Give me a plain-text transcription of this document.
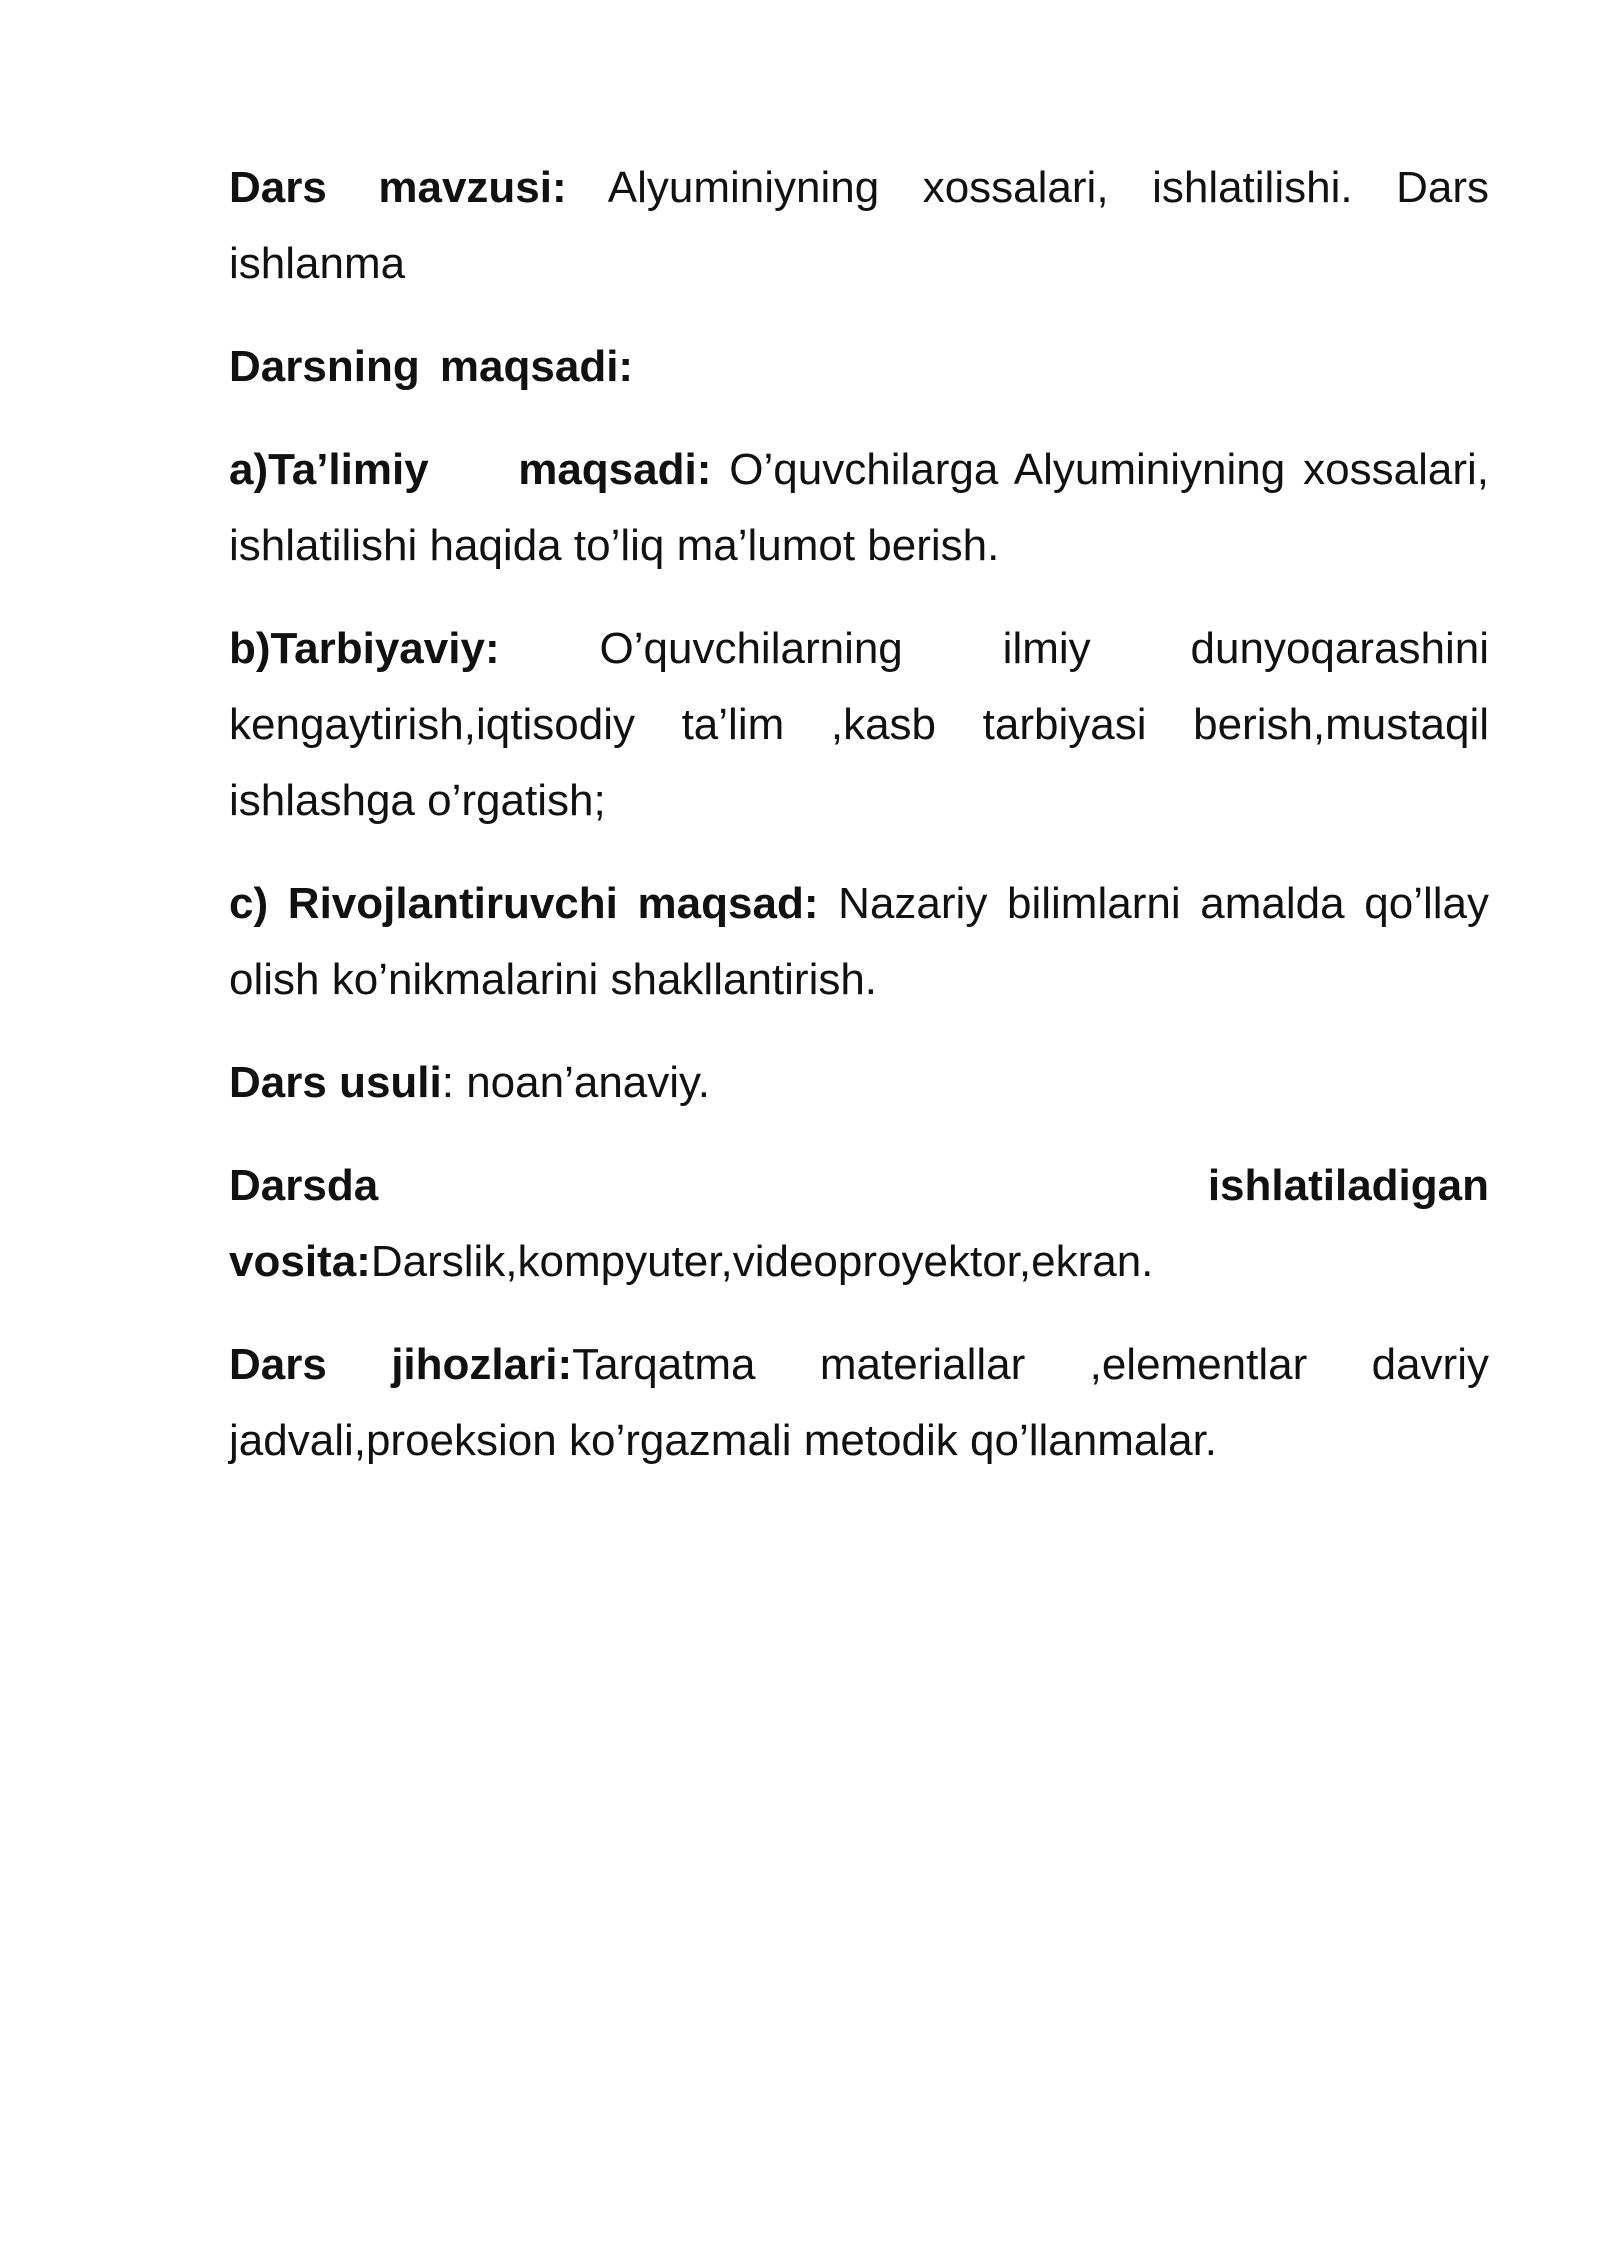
Dars mavzusi: Alyuminiyning xossalari, ishlatilishi. Dars ishlanma

Darsning maqsadi:

a)Ta’limiy     maqsadi: O’quvchilarga Alyuminiyning xossalari, ishlatilishi haqida to’liq ma’lumot berish.

b)Tarbiyaviy: O’quvchilarning ilmiy dunyoqarashini kengaytirish,iqtisodiy ta’lim ,kasb tarbiyasi berish,mustaqil ishlashga o’rgatish;

c) Rivojlantiruvchi maqsad: Nazariy bilimlarni amalda qo’llay olish ko’nikmalarini shakllantirish.

Dars usuli: noan’anaviy.

Darsda	ishlatiladigan
vosita:Darslik,kompyuter,videoproyektor,ekran.

Dars jihozlari:Tarqatma materiallar ,elementlar davriy jadvali,proeksion ko’rgazmali metodik qo’llanmalar.
